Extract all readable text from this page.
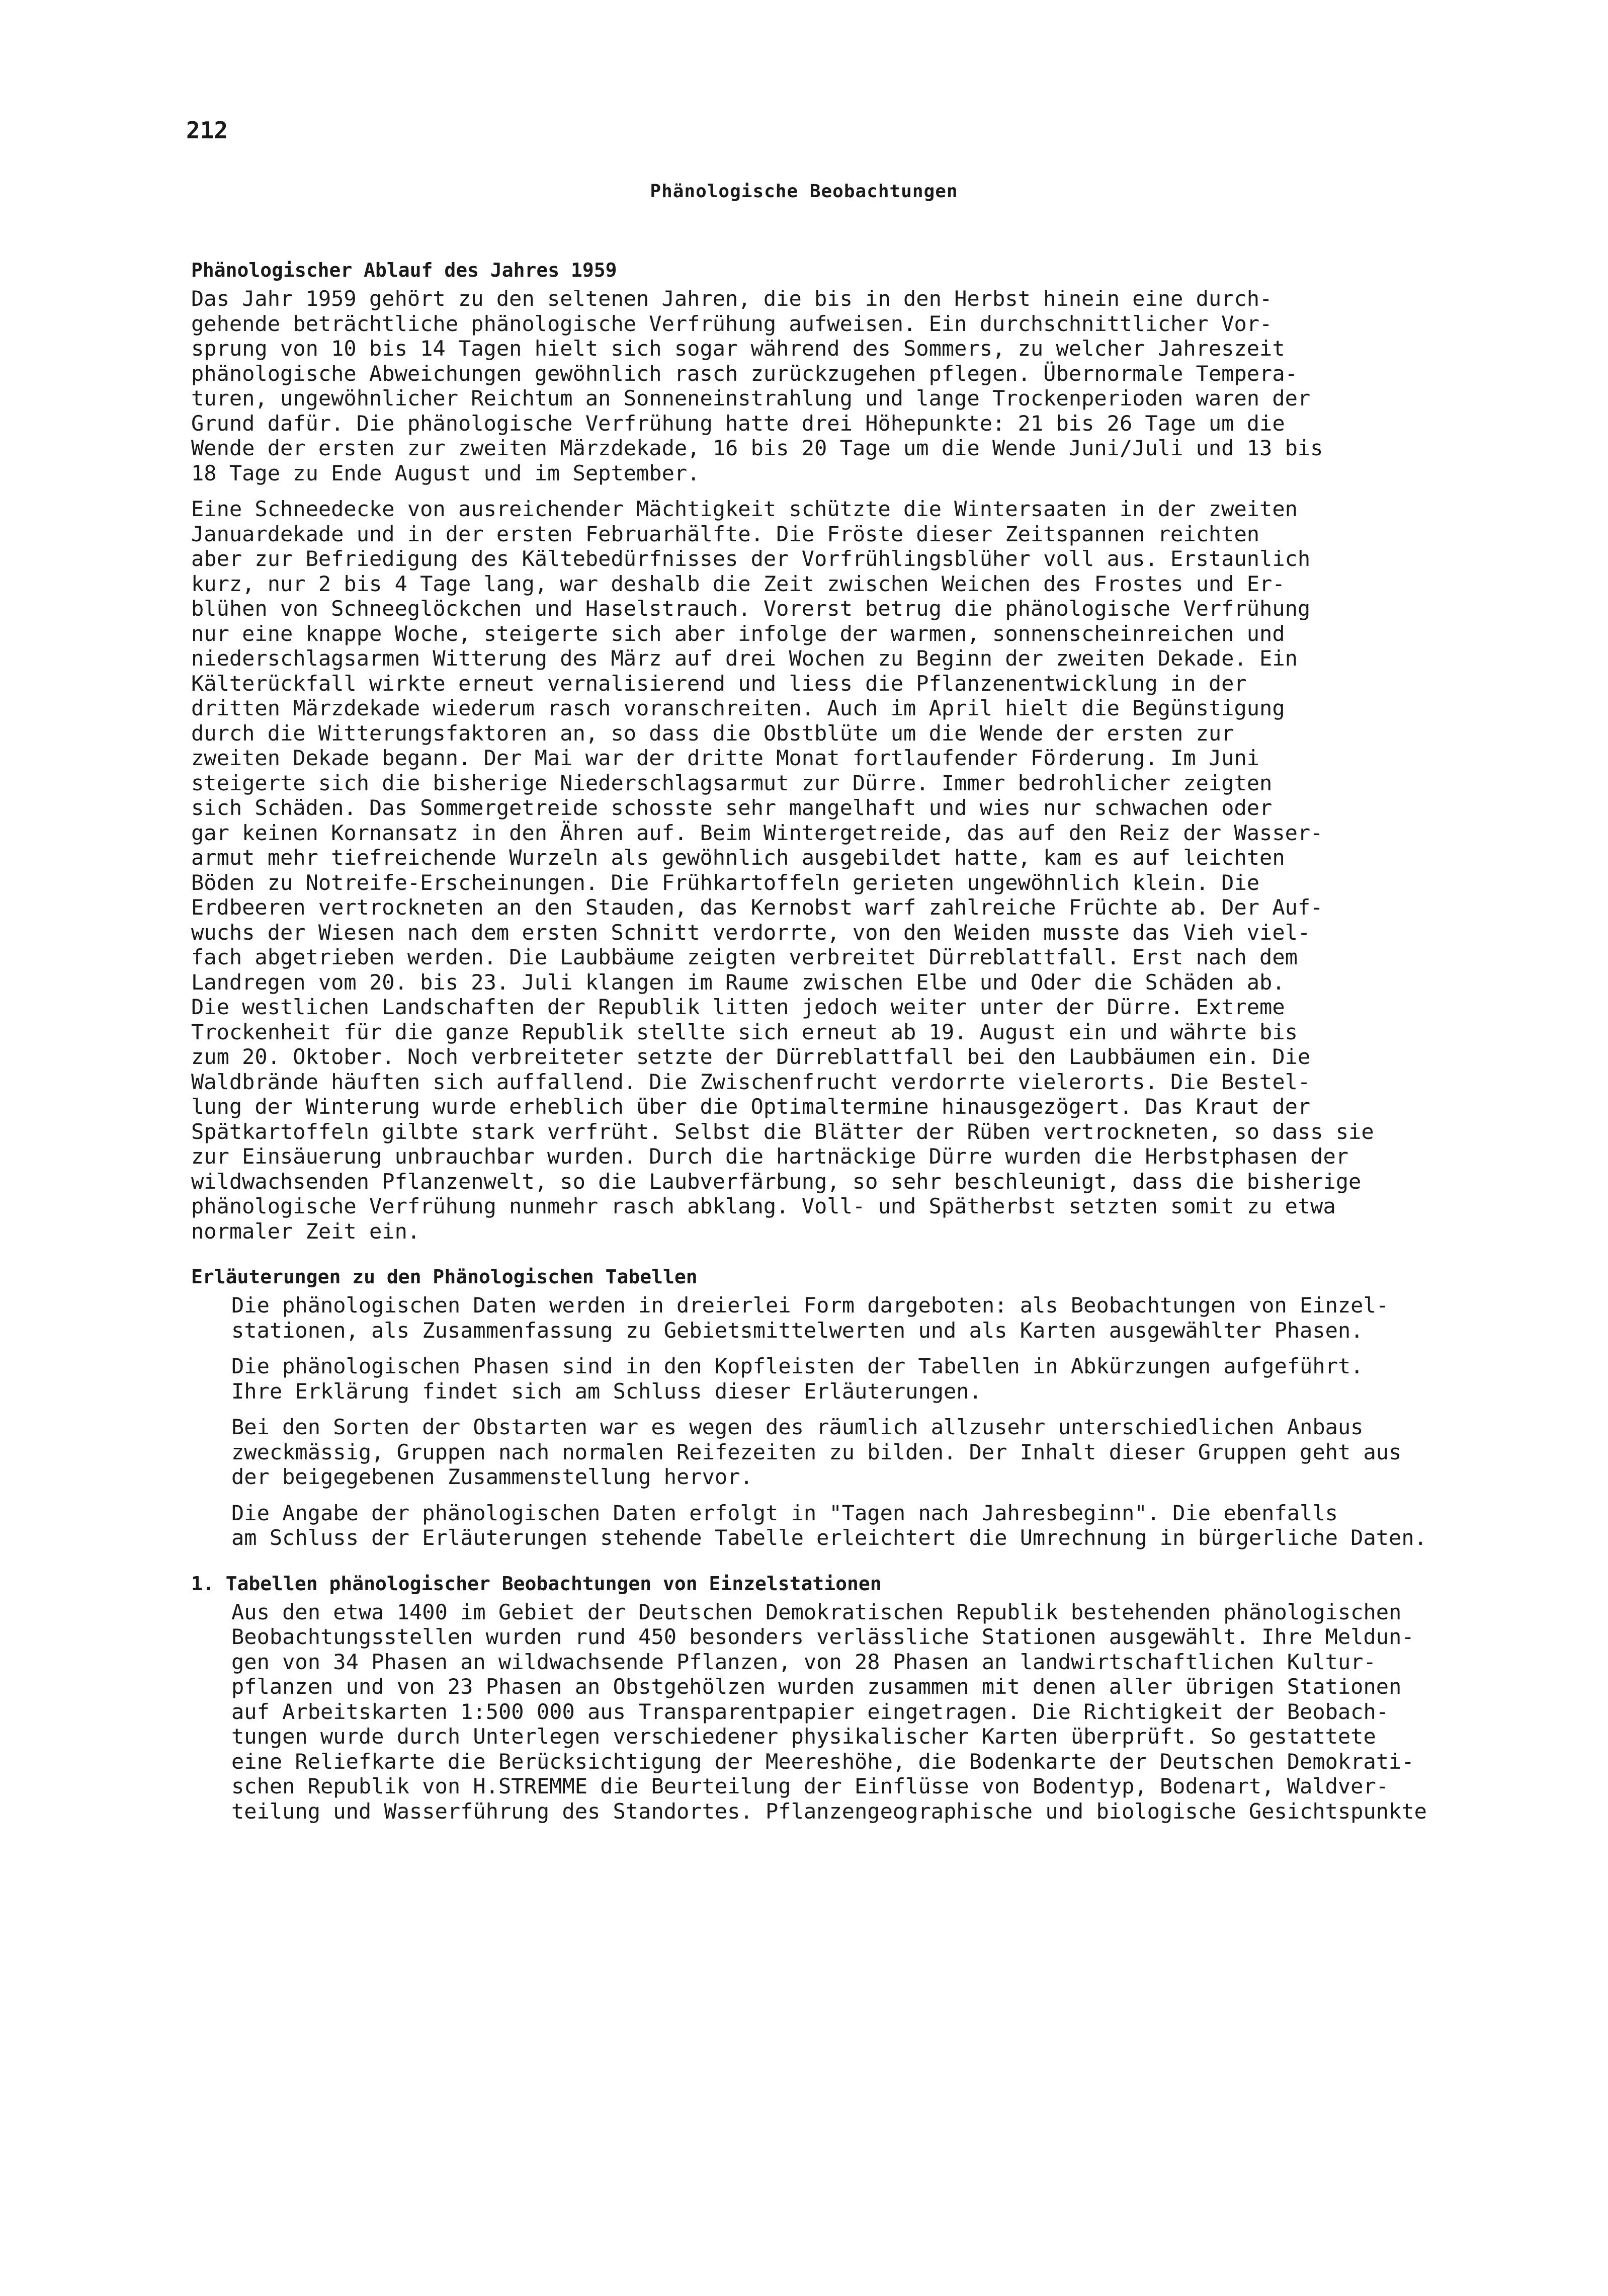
212
Phänologische Beobachtungen
Phänologischer Ablauf des Jahres 1959
Das Jahr 1959 gehört zu den seltenen Jahren, die bis in den Herbst hinein eine durch-
gehende beträchtliche phänologische Verfrühung aufweisen. Ein durchschnittlicher Vor-
sprung von 10 bis 14 Tagen hielt sich sogar während des Sommers, zu welcher Jahreszeit
phänologische Abweichungen gewöhnlich rasch zurückzugehen pflegen. Übernormale Tempera-
turen, ungewöhnlicher Reichtum an Sonneneinstrahlung und lange Trockenperioden waren der
Grund dafür. Die phänologische Verfrühung hatte drei Höhepunkte: 21 bis 26 Tage um die
Wende der ersten zur zweiten Märzdekade, 16 bis 20 Tage um die Wende Juni/Juli und 13 bis
18 Tage zu Ende August und im September.
Eine Schneedecke von ausreichender Mächtigkeit schützte die Wintersaaten in der zweiten
Januardekade und in der ersten Februarhälfte. Die Fröste dieser Zeitspannen reichten
aber zur Befriedigung des Kältebedürfnisses der Vorfrühlingsblüher voll aus. Erstaunlich
kurz, nur 2 bis 4 Tage lang, war deshalb die Zeit zwischen Weichen des Frostes und Er-
blühen von Schneeglöckchen und Haselstrauch. Vorerst betrug die phänologische Verfrühung
nur eine knappe Woche, steigerte sich aber infolge der warmen, sonnenscheinreichen und
niederschlagsarmen Witterung des März auf drei Wochen zu Beginn der zweiten Dekade. Ein
Kälterückfall wirkte erneut vernalisierend und liess die Pflanzenentwicklung in der
dritten Märzdekade wiederum rasch voranschreiten. Auch im April hielt die Begünstigung
durch die Witterungsfaktoren an, so dass die Obstblüte um die Wende der ersten zur
zweiten Dekade begann. Der Mai war der dritte Monat fortlaufender Förderung. Im Juni
steigerte sich die bisherige Niederschlagsarmut zur Dürre. Immer bedrohlicher zeigten
sich Schäden. Das Sommergetreide schosste sehr mangelhaft und wies nur schwachen oder
gar keinen Kornansatz in den Ähren auf. Beim Wintergetreide, das auf den Reiz der Wasser-
armut mehr tiefreichende Wurzeln als gewöhnlich ausgebildet hatte, kam es auf leichten
Böden zu Notreife-Erscheinungen. Die Frühkartoffeln gerieten ungewöhnlich klein. Die
Erdbeeren vertrockneten an den Stauden, das Kernobst warf zahlreiche Früchte ab. Der Auf-
wuchs der Wiesen nach dem ersten Schnitt verdorrte, von den Weiden musste das Vieh viel-
fach abgetrieben werden. Die Laubbäume zeigten verbreitet Dürreblattfall. Erst nach dem
Landregen vom 20. bis 23. Juli klangen im Raume zwischen Elbe und Oder die Schäden ab.
Die westlichen Landschaften der Republik litten jedoch weiter unter der Dürre. Extreme
Trockenheit für die ganze Republik stellte sich erneut ab 19. August ein und währte bis
zum 20. Oktober. Noch verbreiteter setzte der Dürreblattfall bei den Laubbäumen ein. Die
Waldbrände häuften sich auffallend. Die Zwischenfrucht verdorrte vielerorts. Die Bestel-
lung der Winterung wurde erheblich über die Optimaltermine hinausgezögert. Das Kraut der
Spätkartoffeln gilbte stark verfrüht. Selbst die Blätter der Rüben vertrockneten, so dass sie
zur Einsäuerung unbrauchbar wurden. Durch die hartnäckige Dürre wurden die Herbstphasen der
wildwachsenden Pflanzenwelt, so die Laubverfärbung, so sehr beschleunigt, dass die bisherige
phänologische Verfrühung nunmehr rasch abklang. Voll- und Spätherbst setzten somit zu etwa
normaler Zeit ein.
Erläuterungen zu den Phänologischen Tabellen
Die phänologischen Daten werden in dreierlei Form dargeboten: als Beobachtungen von Einzel-
stationen, als Zusammenfassung zu Gebietsmittelwerten und als Karten ausgewählter Phasen.
Die phänologischen Phasen sind in den Kopfleisten der Tabellen in Abkürzungen aufgeführt.
Ihre Erklärung findet sich am Schluss dieser Erläuterungen.
Bei den Sorten der Obstarten war es wegen des räumlich allzusehr unterschiedlichen Anbaus
zweckmässig, Gruppen nach normalen Reifezeiten zu bilden. Der Inhalt dieser Gruppen geht aus
der beigegebenen Zusammenstellung hervor.
Die Angabe der phänologischen Daten erfolgt in "Tagen nach Jahresbeginn". Die ebenfalls
am Schluss der Erläuterungen stehende Tabelle erleichtert die Umrechnung in bürgerliche Daten.
1. Tabellen phänologischer Beobachtungen von Einzelstationen
Aus den etwa 1400 im Gebiet der Deutschen Demokratischen Republik bestehenden phänologischen
Beobachtungsstellen wurden rund 450 besonders verlässliche Stationen ausgewählt. Ihre Meldun-
gen von 34 Phasen an wildwachsende Pflanzen, von 28 Phasen an landwirtschaftlichen Kultur-
pflanzen und von 23 Phasen an Obstgehölzen wurden zusammen mit denen aller übrigen Stationen
auf Arbeitskarten 1:500 000 aus Transparentpapier eingetragen. Die Richtigkeit der Beobach-
tungen wurde durch Unterlegen verschiedener physikalischer Karten überprüft. So gestattete
eine Reliefkarte die Berücksichtigung der Meereshöhe, die Bodenkarte der Deutschen Demokrati-
schen Republik von H.STREMME die Beurteilung der Einflüsse von Bodentyp, Bodenart, Waldver-
teilung und Wasserführung des Standortes. Pflanzengeographische und biologische Gesichtspunkte
